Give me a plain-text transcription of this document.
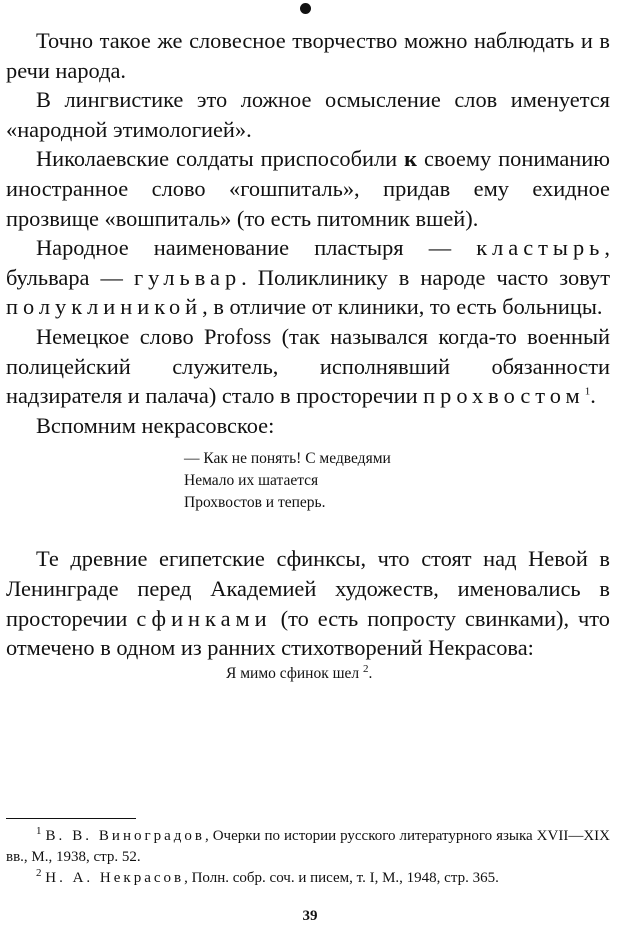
Точно такое же словесное творчество можно наблюдать и в речи народа.

В лингвистике это ложное осмысление слов именуется «народной этимологией».

Николаевские солдаты приспособили к своему пониманию иностранное слово «гошпиталь», придав ему ехидное прозвище «вошпиталь» (то есть питомник вшей).

Народное наименование пластыря — кластырь, бульвара — гульвар. Поликлинику в народе часто зовут полуклиникой, в отличие от клиники, то есть больницы.

Немецкое слово Profoss (так назывался когда-то военный полицейский служитель, исполнявший обязанности надзирателя и палача) стало в просторечии прохвостом$^1$.

Вспомним некрасовское:

— Как не понять! С медведями
Немало их шатается
Прохвостов и теперь.

Те древние египетские сфинксы, что стоят над Невой в Ленинграде перед Академией художеств, именовались в просторечии сфинками (то есть попросту свинками), что отмечено в одном из ранних стихотворений Некрасова:

Я мимо сфинок шел $^2$.

$^1$ В. В. Виноградов, Очерки по истории русского литературного языка XVII—XIX вв., М., 1938, стр. 52.

$^2$ Н. А. Некрасов, Полн. собр. соч. и писем, т. I, М., 1948, стр. 365.

39
